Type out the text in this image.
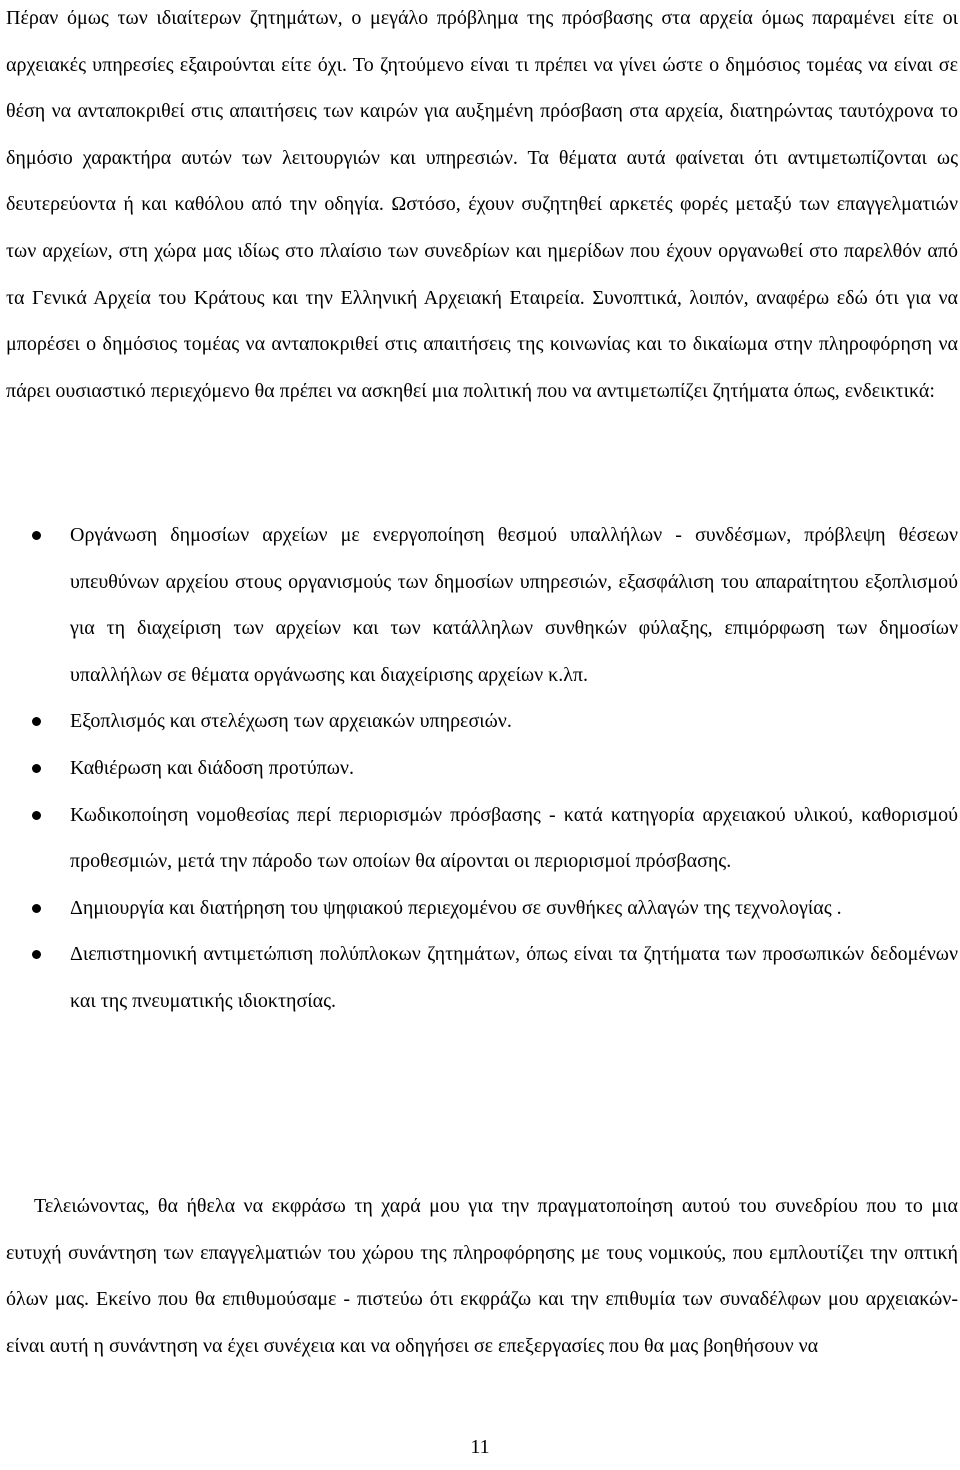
Πέραν όμως των ιδιαίτερων ζητημάτων, ο μεγάλο πρόβλημα της πρόσβασης στα αρχεία όμως παραμένει είτε οι αρχειακές υπηρεσίες εξαιρούνται είτε όχι. Το ζητούμενο είναι τι πρέπει να γίνει ώστε ο δημόσιος τομέας να είναι σε θέση να ανταποκριθεί στις απαιτήσεις των καιρών για αυξημένη πρόσβαση στα αρχεία, διατηρώντας ταυτόχρονα το δημόσιο χαρακτήρα αυτών των λειτουργιών και υπηρεσιών. Τα θέματα αυτά φαίνεται ότι αντιμετωπίζονται ως δευτερεύοντα ή και καθόλου από την οδηγία. Ωστόσο, έχουν συζητηθεί αρκετές φορές μεταξύ των επαγγελματιών των αρχείων, στη χώρα μας ιδίως στο πλαίσιο των συνεδρίων και ημερίδων που έχουν οργανωθεί στο παρελθόν από τα Γενικά Αρχεία του Κράτους και την Ελληνική Αρχειακή Εταιρεία. Συνοπτικά, λοιπόν, αναφέρω εδώ ότι για να μπορέσει ο δημόσιος τομέας να ανταποκριθεί στις απαιτήσεις της κοινωνίας και το δικαίωμα στην πληροφόρηση να πάρει ουσιαστικό περιεχόμενο θα πρέπει να ασκηθεί μια πολιτική που να αντιμετωπίζει ζητήματα όπως, ενδεικτικά:

Οργάνωση δημοσίων αρχείων με ενεργοποίηση θεσμού υπαλλήλων - συνδέσμων, πρόβλεψη θέσεων υπευθύνων αρχείου στους οργανισμούς των δημοσίων υπηρεσιών, εξασφάλιση του απαραίτητου εξοπλισμού για τη διαχείριση των αρχείων και των κατάλληλων συνθηκών φύλαξης, επιμόρφωση των δημοσίων υπαλλήλων σε θέματα οργάνωσης και διαχείρισης αρχείων κ.λπ.
Εξοπλισμός και στελέχωση των αρχειακών υπηρεσιών.
Καθιέρωση και διάδοση προτύπων.
Κωδικοποίηση νομοθεσίας περί περιορισμών πρόσβασης - κατά κατηγορία αρχειακού υλικού, καθορισμού προθεσμιών, μετά την πάροδο των οποίων θα αίρονται οι περιορισμοί πρόσβασης.
Δημιουργία και διατήρηση του ψηφιακού περιεχομένου σε συνθήκες αλλαγών της τεχνολογίας .
Διεπιστημονική αντιμετώπιση πολύπλοκων ζητημάτων, όπως είναι τα ζητήματα των προσωπικών δεδομένων και της πνευματικής ιδιοκτησίας.

Τελειώνοντας, θα ήθελα να εκφράσω τη χαρά μου για την πραγματοποίηση αυτού του συνεδρίου που το μια ευτυχή συνάντηση των επαγγελματιών του χώρου της πληροφόρησης με τους νομικούς, που εμπλουτίζει την οπτική όλων μας. Εκείνο που θα επιθυμούσαμε - πιστεύω ότι εκφράζω και την επιθυμία των συναδέλφων μου αρχειακών- είναι αυτή η συνάντηση να έχει συνέχεια και να οδηγήσει σε επεξεργασίες που θα μας βοηθήσουν να

11
